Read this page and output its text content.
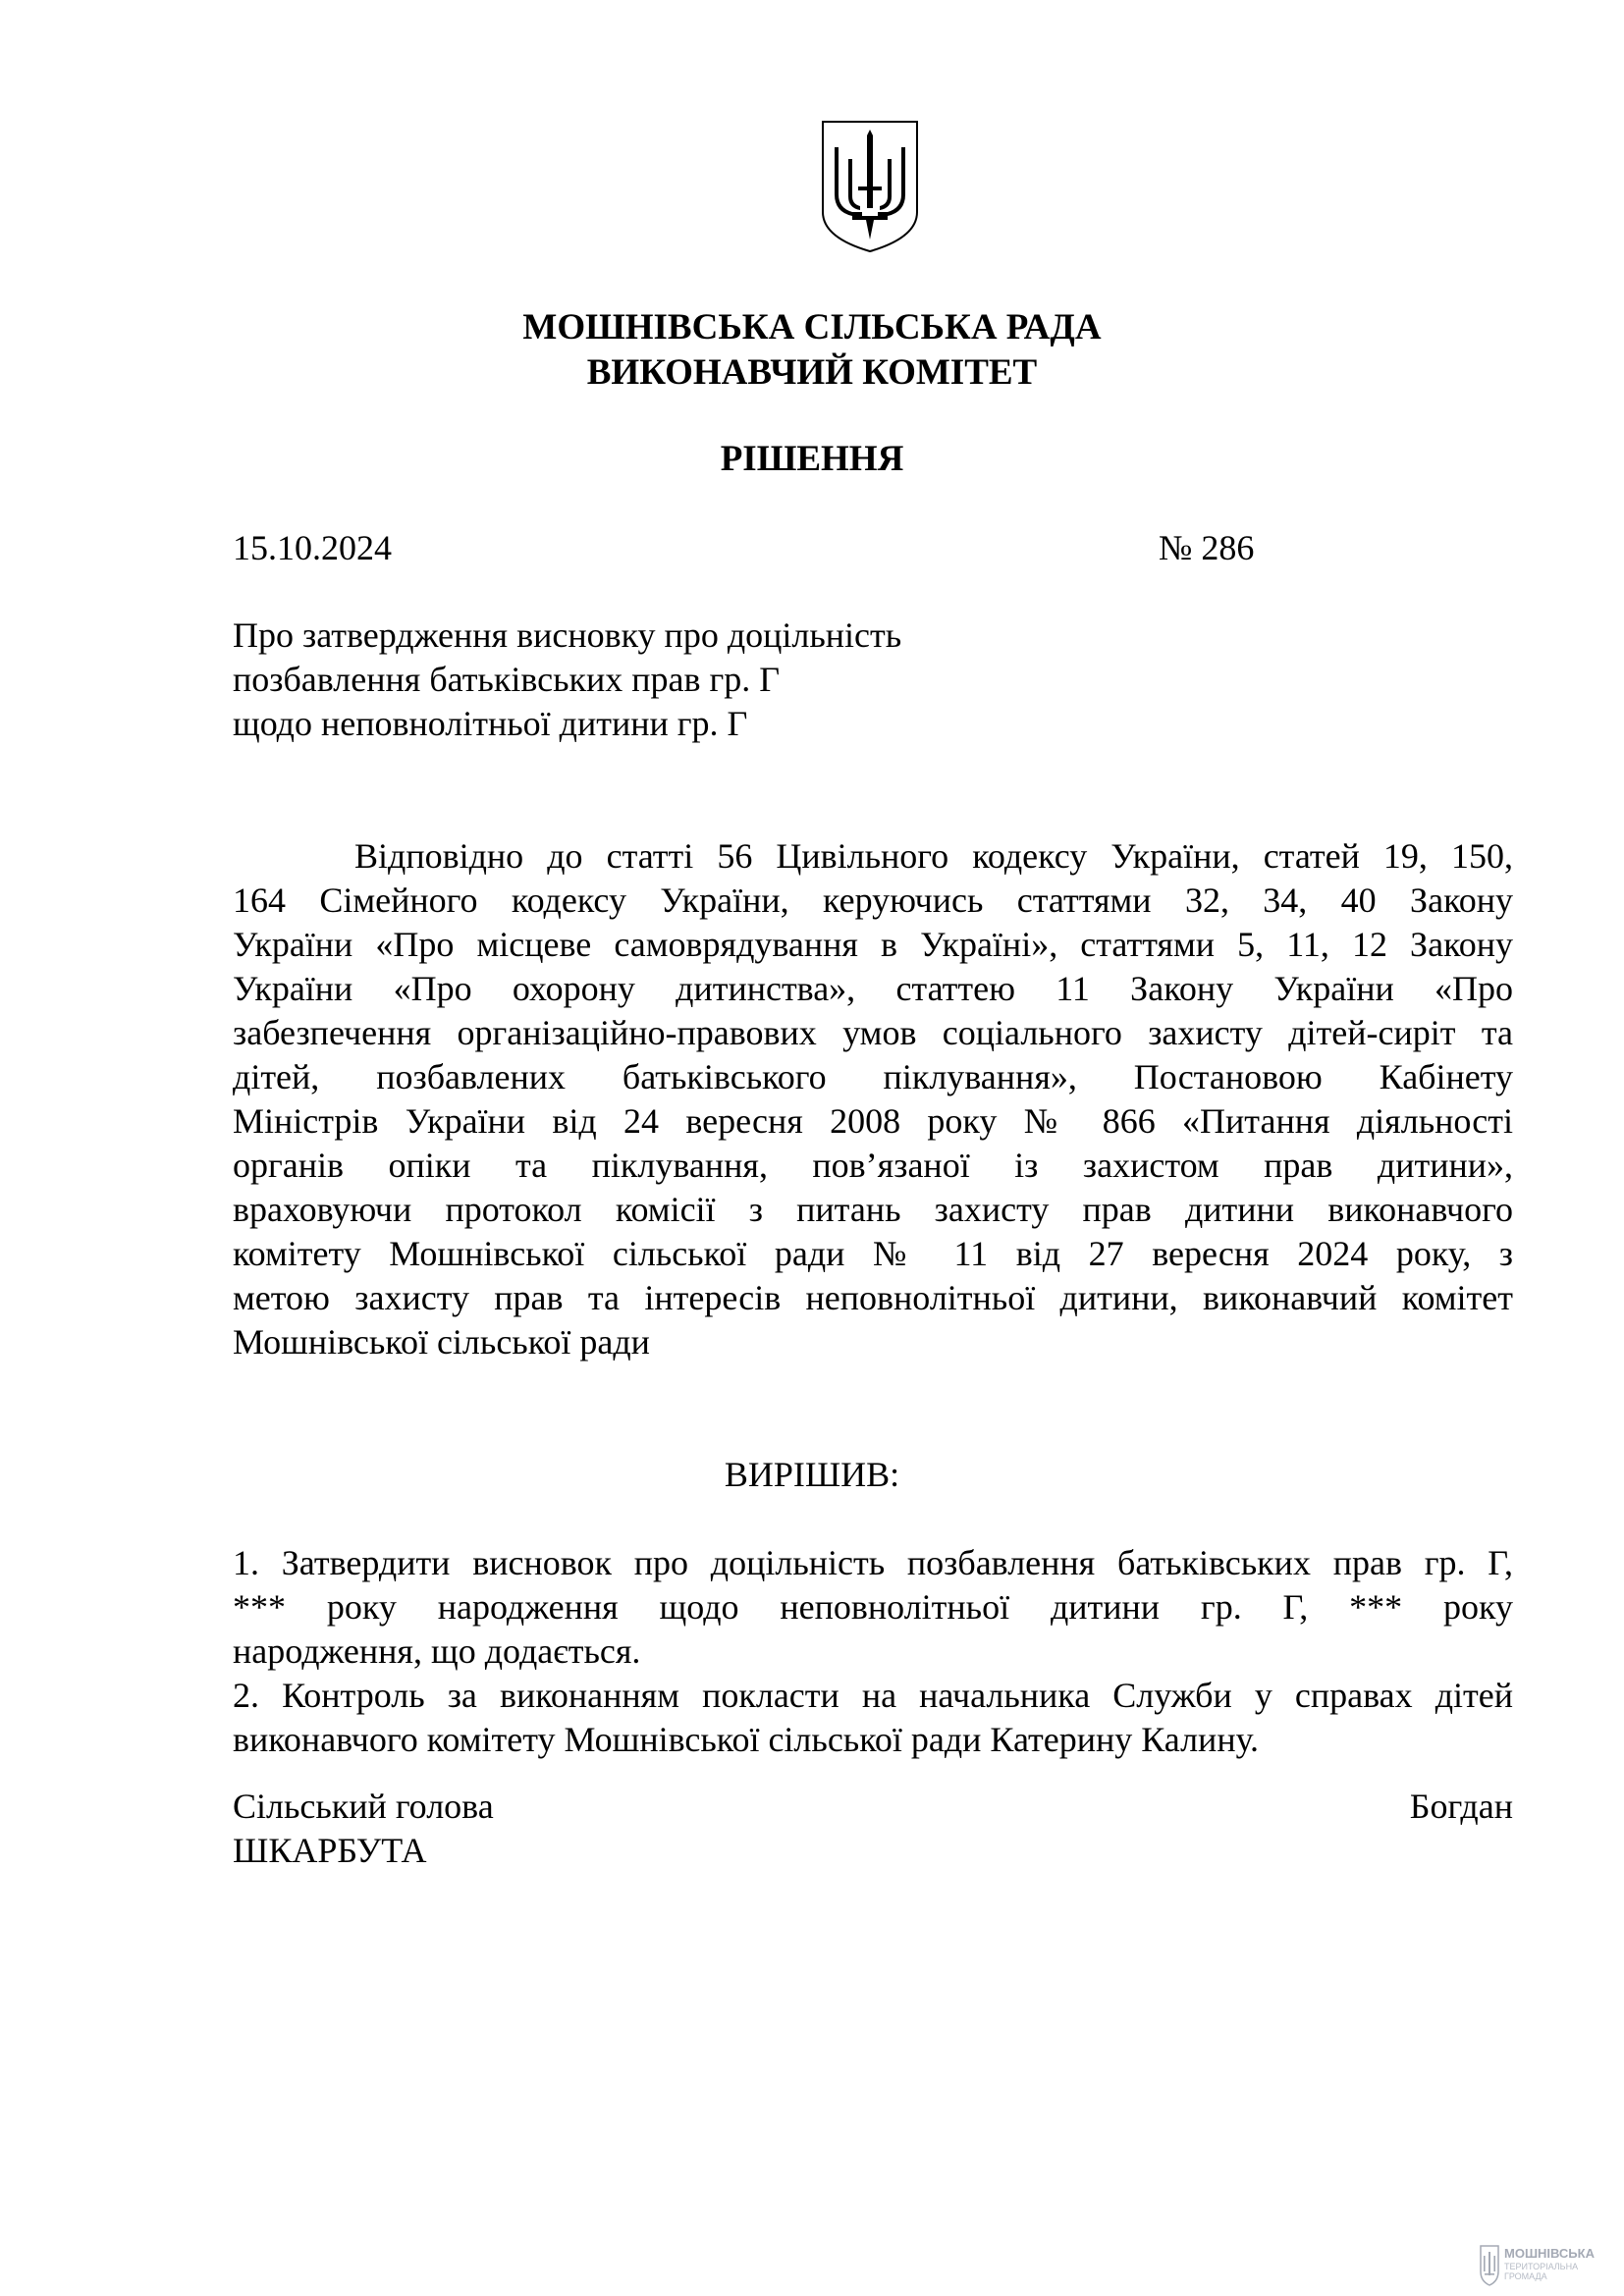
МОШНІВСЬКА СІЛЬСЬКА РАДА
ВИКОНАВЧИЙ КОМІТЕТ
РІШЕННЯ
15.10.2024	№ 286
Про затвердження висновку про доцільність
позбавлення батьківських прав гр. Г
щодо неповнолітньої дитини гр. Г
Відповідно до статті 56 Цивільного кодексу України, статей 19, 150,
164 Сімейного кодексу України, керуючись статтями 32, 34, 40 Закону
України «Про місцеве самоврядування в Україні», статтями 5, 11, 12 Закону
України «Про охорону дитинства», статтею 11 Закону України «Про
забезпечення організаційно-правових умов соціального захисту дітей-сиріт та
дітей, позбавлених батьківського піклування», Постановою Кабінету
Міністрів України від 24 вересня 2008 року № 866 «Питання діяльності
органів опіки та піклування, пов’язаної із захистом прав дитини»,
враховуючи протокол комісії з питань захисту прав дитини виконавчого
комітету Мошнівської сільської ради № 11 від 27 вересня 2024 року, з
метою захисту прав та інтересів неповнолітньої дитини, виконавчий комітет
Мошнівської сільської ради
ВИРІШИВ:
1. Затвердити висновок про доцільність позбавлення батьківських прав гр. Г,
*** року народження щодо неповнолітньої дитини гр. Г, *** року
народження, що додається.
2. Контроль за виконанням покласти на начальника Служби у справах дітей
виконавчого комітету Мошнівської сільської ради Катерину Калину.
Сільський голова	Богдан
ШКАРБУТА
МОШНІВСЬКА
ТЕРИТОРІАЛЬНА
ГРОМАДА
